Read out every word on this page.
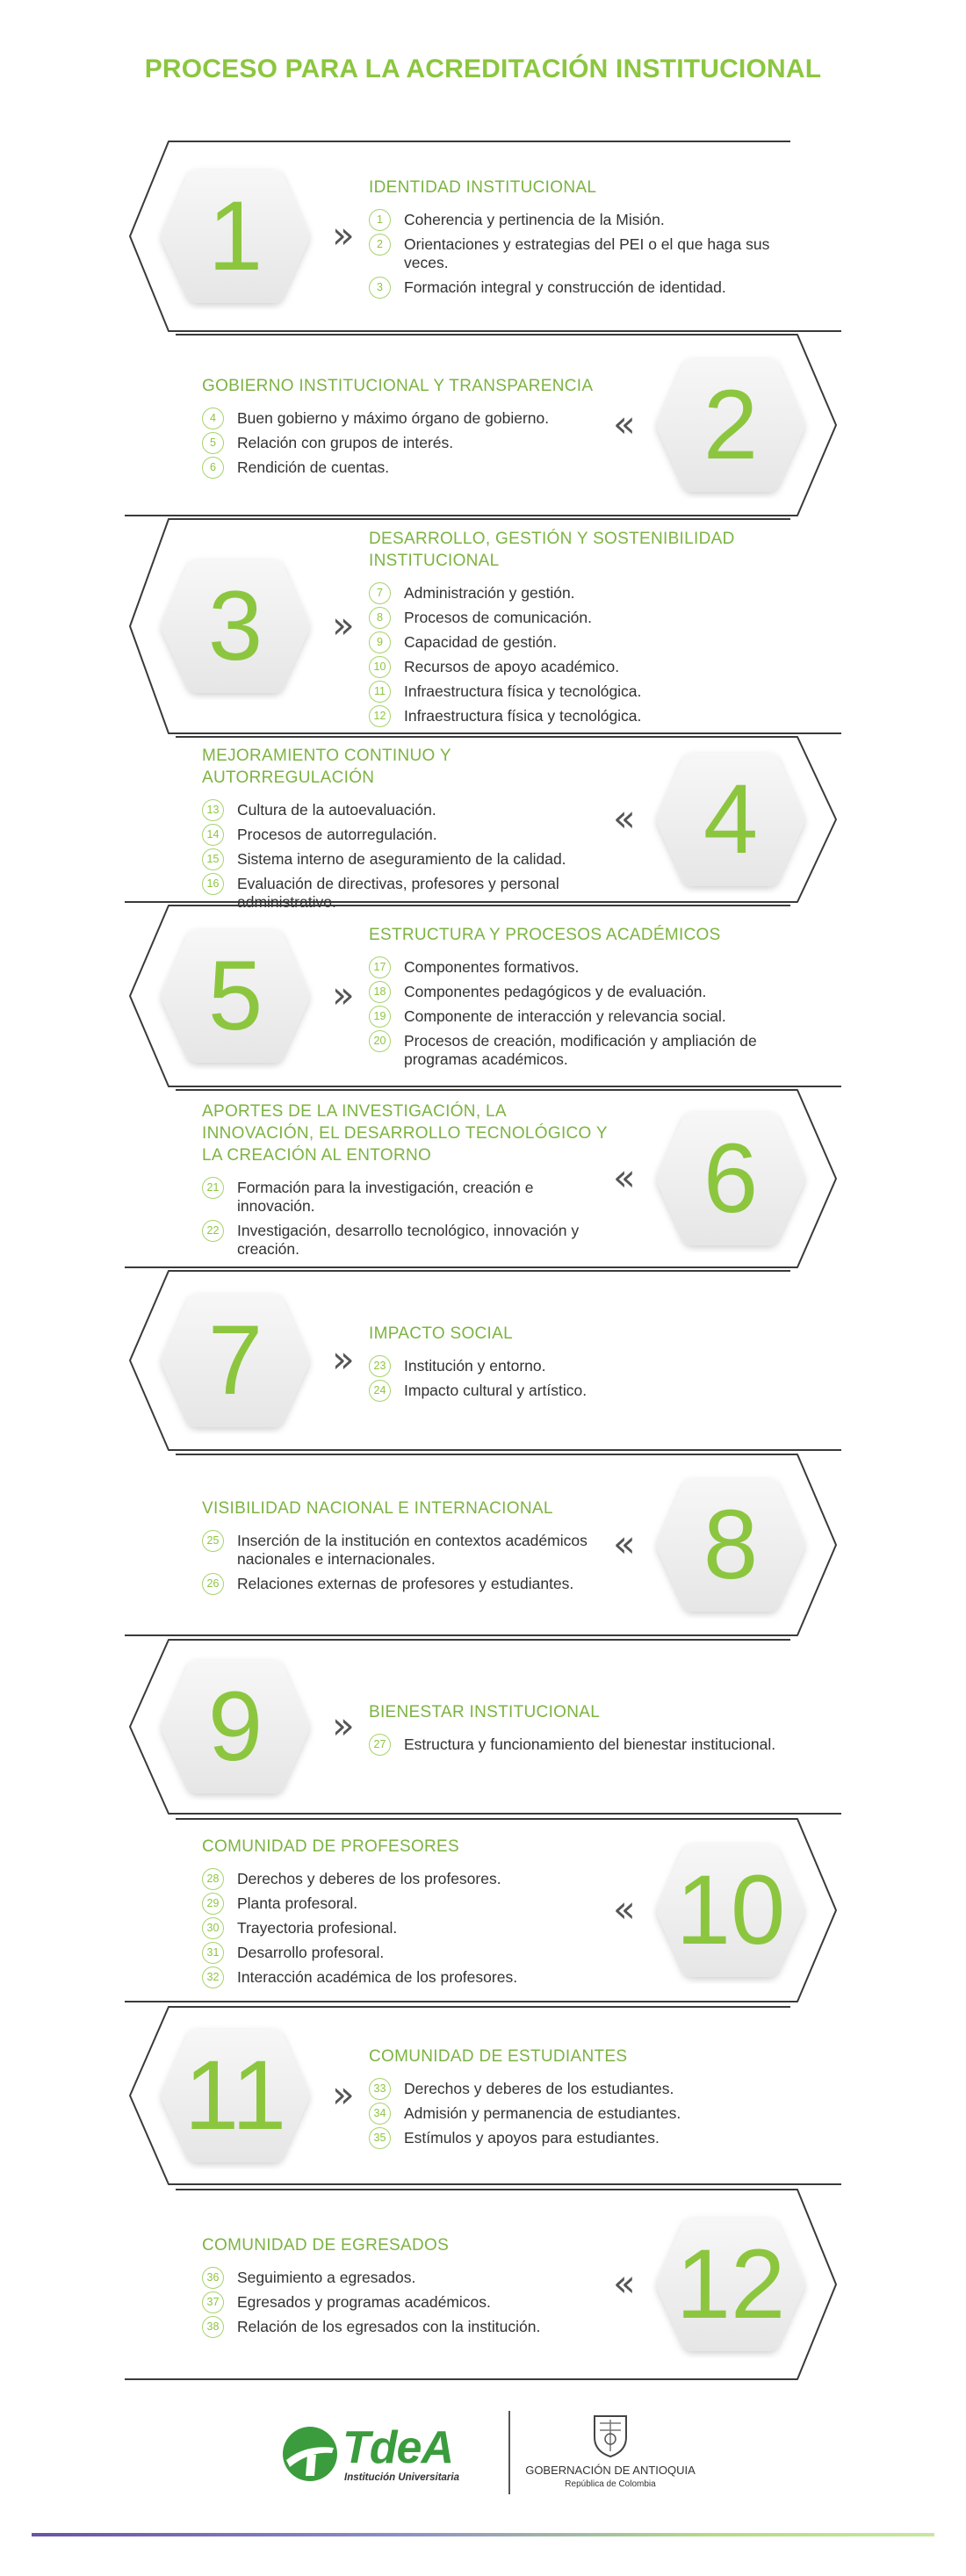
PROCESO PARA LA ACREDITACIÓN INSTITUCIONAL
1	»
IDENTIDAD INSTITUCIONAL
1	Coherencia y pertinencia de la Misión.
2	Orientaciones y estrategias del PEI o el que haga sus veces.
3	Formación integral y construcción de identidad.
2
«
GOBIERNO INSTITUCIONAL Y TRANSPARENCIA
4	Buen gobierno y máximo órgano de gobierno.
5	Relación con grupos de interés.
6	Rendición de cuentas.
3	»
DESARROLLO, GESTIÓN Y SOSTENIBILIDAD INSTITUCIONAL
7	Administración y gestión.
8	Procesos de comunicación.
9	Capacidad de gestión.
10	Recursos de apoyo académico.
11	Infraestructura física y tecnológica.
12	Infraestructura física y tecnológica.
4
«
MEJORAMIENTO CONTINUO Y AUTORREGULACIÓN
13	Cultura de la autoevaluación.
14	Procesos de autorregulación.
15	Sistema interno de aseguramiento de la calidad.
16	Evaluación de directivas, profesores y personal administrativo.
5	»
ESTRUCTURA Y PROCESOS ACADÉMICOS
17	Componentes formativos.
18	Componentes pedagógicos y de evaluación.
19	Componente de interacción y relevancia social.
20	Procesos de creación, modificación y ampliación de programas académicos.
6
«
APORTES DE LA INVESTIGACIÓN, LA INNOVACIÓN, EL DESARROLLO TECNOLÓGICO Y LA CREACIÓN AL ENTORNO
21	Formación para la investigación, creación e innovación.
22	Investigación, desarrollo tecnológico, innovación y creación.
7	»
IMPACTO SOCIAL
23	Institución y entorno.
24	Impacto cultural y artístico.
8
«
VISIBILIDAD NACIONAL E INTERNACIONAL
25	Inserción de la institución en contextos académicos nacionales e internacionales.
26	Relaciones externas de profesores y estudiantes.
9	» BIENESTAR INSTITUCIONAL
27	Estructura y funcionamiento del bienestar institucional.
10
«
COMUNIDAD DE PROFESORES
28	Derechos y deberes de los profesores.
29	Planta profesoral.
30	Trayectoria profesional.
31	Desarrollo profesoral.
32	Interacción académica de los profesores.
11	»
COMUNIDAD DE ESTUDIANTES
33	Derechos y deberes de los estudiantes.
34	Admisión y permanencia de estudiantes.
35	Estímulos y apoyos para estudiantes.
12
«
COMUNIDAD DE EGRESADOS
36	Seguimiento a egresados.
37	Egresados y programas académicos.
38	Relación de los egresados con la institución.
TdeA
Institución Universitaria
GOBERNACIÓN DE ANTIOQUIA
República de Colombia
